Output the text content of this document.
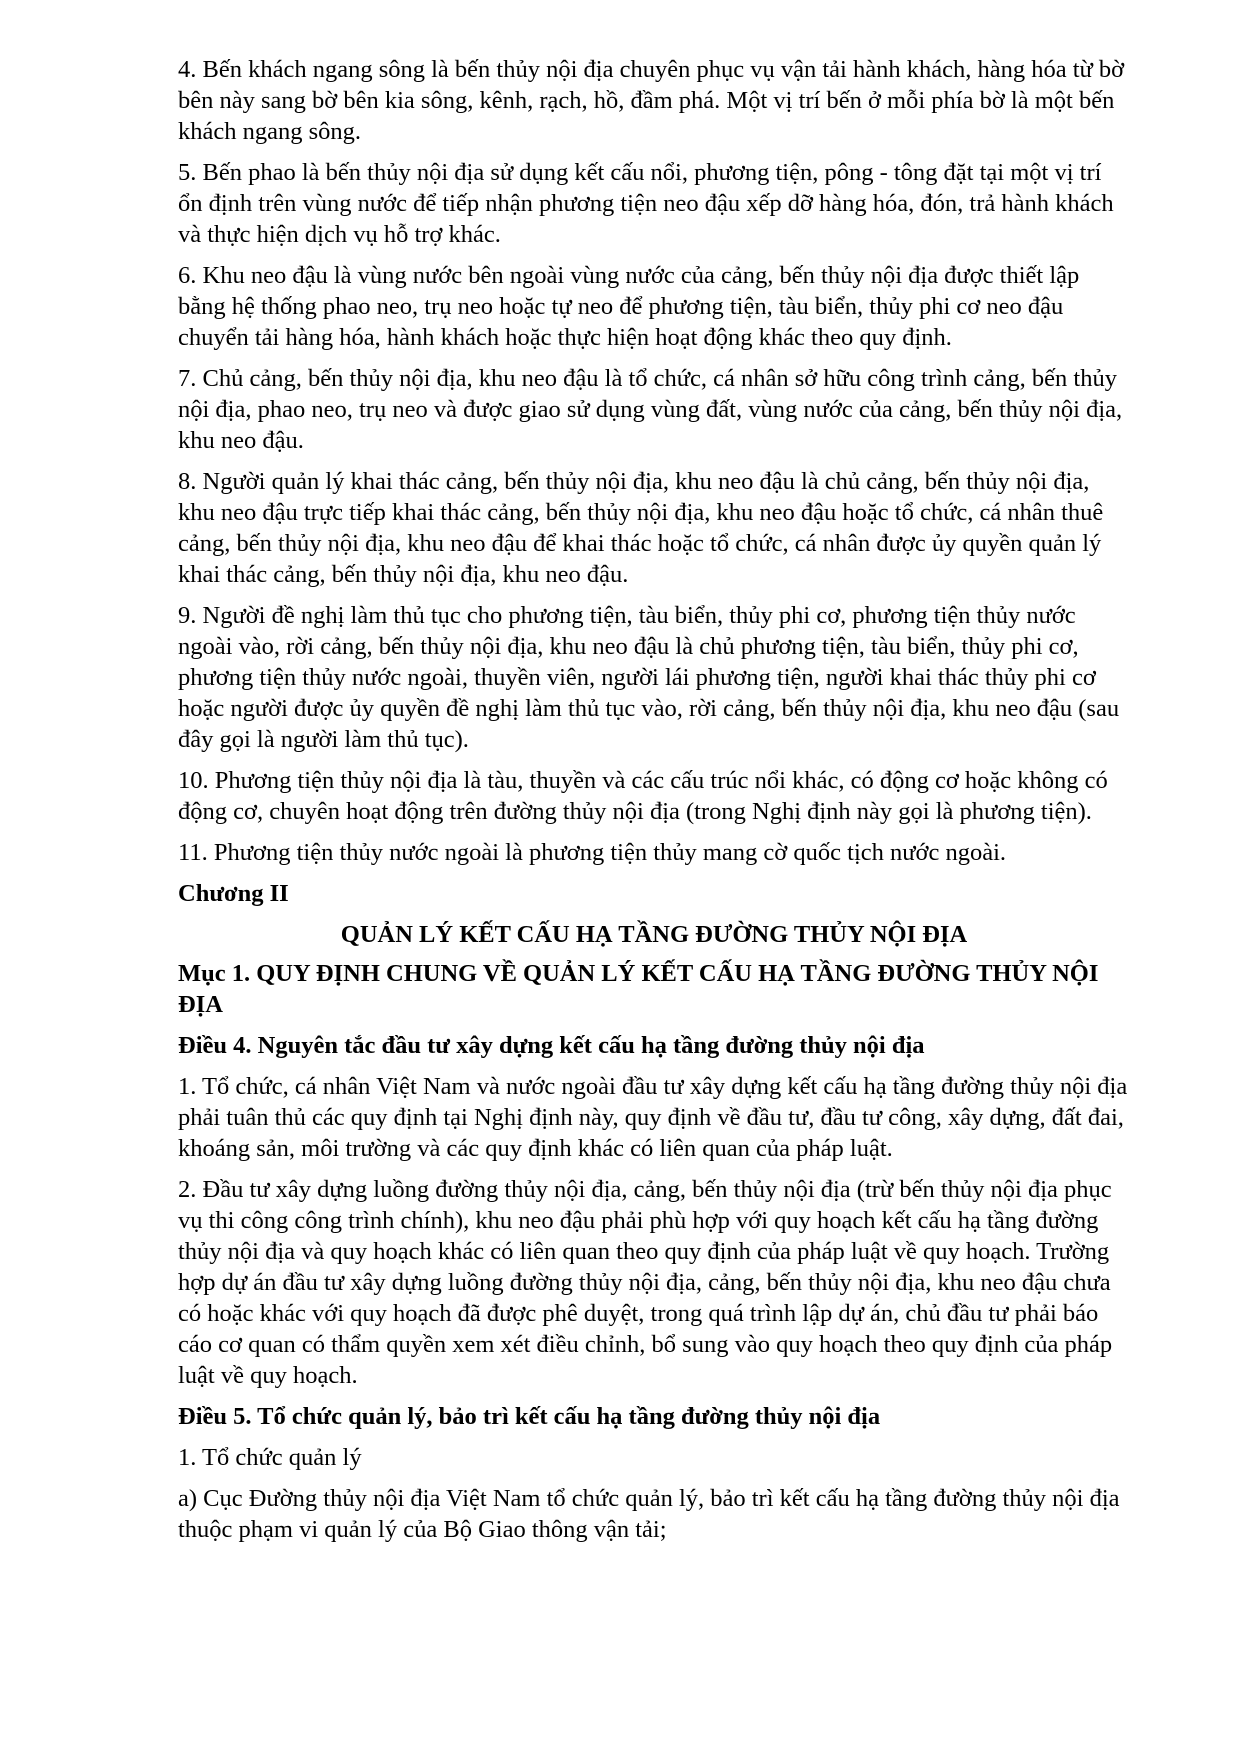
4. Bến khách ngang sông là bến thủy nội địa chuyên phục vụ vận tải hành khách, hàng hóa từ bờ bên này sang bờ bên kia sông, kênh, rạch, hồ, đầm phá. Một vị trí bến ở mỗi phía bờ là một bến khách ngang sông.

5. Bến phao là bến thủy nội địa sử dụng kết cấu nổi, phương tiện, pông - tông đặt tại một vị trí ổn định trên vùng nước để tiếp nhận phương tiện neo đậu xếp dỡ hàng hóa, đón, trả hành khách và thực hiện dịch vụ hỗ trợ khác.

6. Khu neo đậu là vùng nước bên ngoài vùng nước của cảng, bến thủy nội địa được thiết lập bằng hệ thống phao neo, trụ neo hoặc tự neo để phương tiện, tàu biển, thủy phi cơ neo đậu chuyển tải hàng hóa, hành khách hoặc thực hiện hoạt động khác theo quy định.

7. Chủ cảng, bến thủy nội địa, khu neo đậu là tổ chức, cá nhân sở hữu công trình cảng, bến thủy nội địa, phao neo, trụ neo và được giao sử dụng vùng đất, vùng nước của cảng, bến thủy nội địa, khu neo đậu.

8. Người quản lý khai thác cảng, bến thủy nội địa, khu neo đậu là chủ cảng, bến thủy nội địa, khu neo đậu trực tiếp khai thác cảng, bến thủy nội địa, khu neo đậu hoặc tổ chức, cá nhân thuê cảng, bến thủy nội địa, khu neo đậu để khai thác hoặc tổ chức, cá nhân được ủy quyền quản lý khai thác cảng, bến thủy nội địa, khu neo đậu.

9. Người đề nghị làm thủ tục cho phương tiện, tàu biển, thủy phi cơ, phương tiện thủy nước ngoài vào, rời cảng, bến thủy nội địa, khu neo đậu là chủ phương tiện, tàu biển, thủy phi cơ, phương tiện thủy nước ngoài, thuyền viên, người lái phương tiện, người khai thác thủy phi cơ hoặc người được ủy quyền đề nghị làm thủ tục vào, rời cảng, bến thủy nội địa, khu neo đậu (sau đây gọi là người làm thủ tục).

10. Phương tiện thủy nội địa là tàu, thuyền và các cấu trúc nổi khác, có động cơ hoặc không có động cơ, chuyên hoạt động trên đường thủy nội địa (trong Nghị định này gọi là phương tiện).

11. Phương tiện thủy nước ngoài là phương tiện thủy mang cờ quốc tịch nước ngoài.

Chương II
QUẢN LÝ KẾT CẤU HẠ TẦNG ĐƯỜNG THỦY NỘI ĐỊA
Mục 1. QUY ĐỊNH CHUNG VỀ QUẢN LÝ KẾT CẤU HẠ TẦNG ĐƯỜNG THỦY NỘI ĐỊA
Điều 4. Nguyên tắc đầu tư xây dựng kết cấu hạ tầng đường thủy nội địa

1. Tổ chức, cá nhân Việt Nam và nước ngoài đầu tư xây dựng kết cấu hạ tầng đường thủy nội địa phải tuân thủ các quy định tại Nghị định này, quy định về đầu tư, đầu tư công, xây dựng, đất đai, khoáng sản, môi trường và các quy định khác có liên quan của pháp luật.

2. Đầu tư xây dựng luồng đường thủy nội địa, cảng, bến thủy nội địa (trừ bến thủy nội địa phục vụ thi công công trình chính), khu neo đậu phải phù hợp với quy hoạch kết cấu hạ tầng đường thủy nội địa và quy hoạch khác có liên quan theo quy định của pháp luật về quy hoạch. Trường hợp dự án đầu tư xây dựng luồng đường thủy nội địa, cảng, bến thủy nội địa, khu neo đậu chưa có hoặc khác với quy hoạch đã được phê duyệt, trong quá trình lập dự án, chủ đầu tư phải báo cáo cơ quan có thẩm quyền xem xét điều chỉnh, bổ sung vào quy hoạch theo quy định của pháp luật về quy hoạch.

Điều 5. Tổ chức quản lý, bảo trì kết cấu hạ tầng đường thủy nội địa

1. Tổ chức quản lý

a) Cục Đường thủy nội địa Việt Nam tổ chức quản lý, bảo trì kết cấu hạ tầng đường thủy nội địa thuộc phạm vi quản lý của Bộ Giao thông vận tải;
